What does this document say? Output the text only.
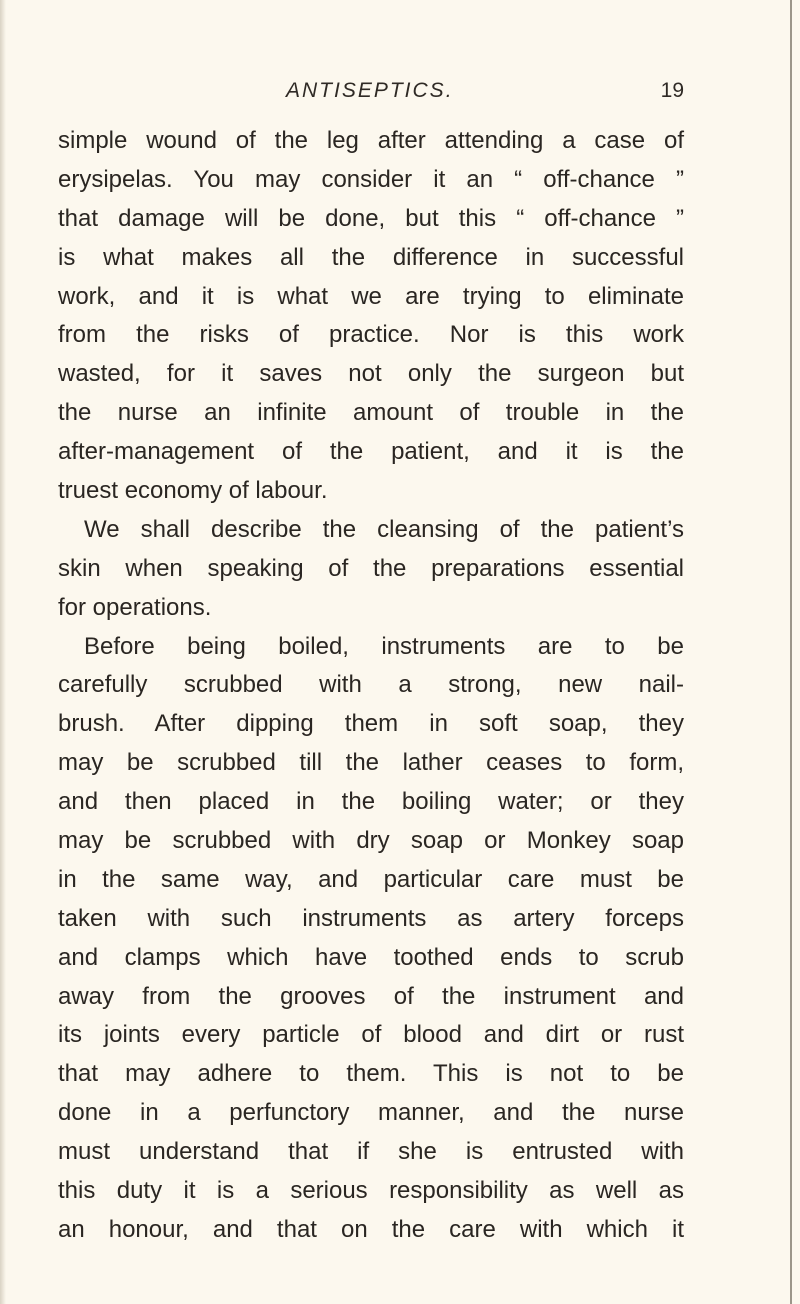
ANTISEPTICS.	19
simple wound of the leg after attending a case of
erysipelas. You may consider it an “ off-chance ”
that damage will be done, but this “ off-chance ”
is what makes all the difference in successful
work, and it is what we are trying to eliminate
from the risks of practice. Nor is this work
wasted, for it saves not only the surgeon but
the nurse an infinite amount of trouble in the
after-management of the patient, and it is the
truest economy of labour.
We shall describe the cleansing of the patient’s
skin when speaking of the preparations essential
for operations.
Before being boiled, instruments are to be
carefully scrubbed with a strong, new nail-
brush. After dipping them in soft soap, they
may be scrubbed till the lather ceases to form,
and then placed in the boiling water; or they
may be scrubbed with dry soap or Monkey soap
in the same way, and particular care must be
taken with such instruments as artery forceps
and clamps which have toothed ends to scrub
away from the grooves of the instrument and
its joints every particle of blood and dirt or rust
that may adhere to them. This is not to be
done in a perfunctory manner, and the nurse
must understand that if she is entrusted with
this duty it is a serious responsibility as well as
an honour, and that on the care with which it
